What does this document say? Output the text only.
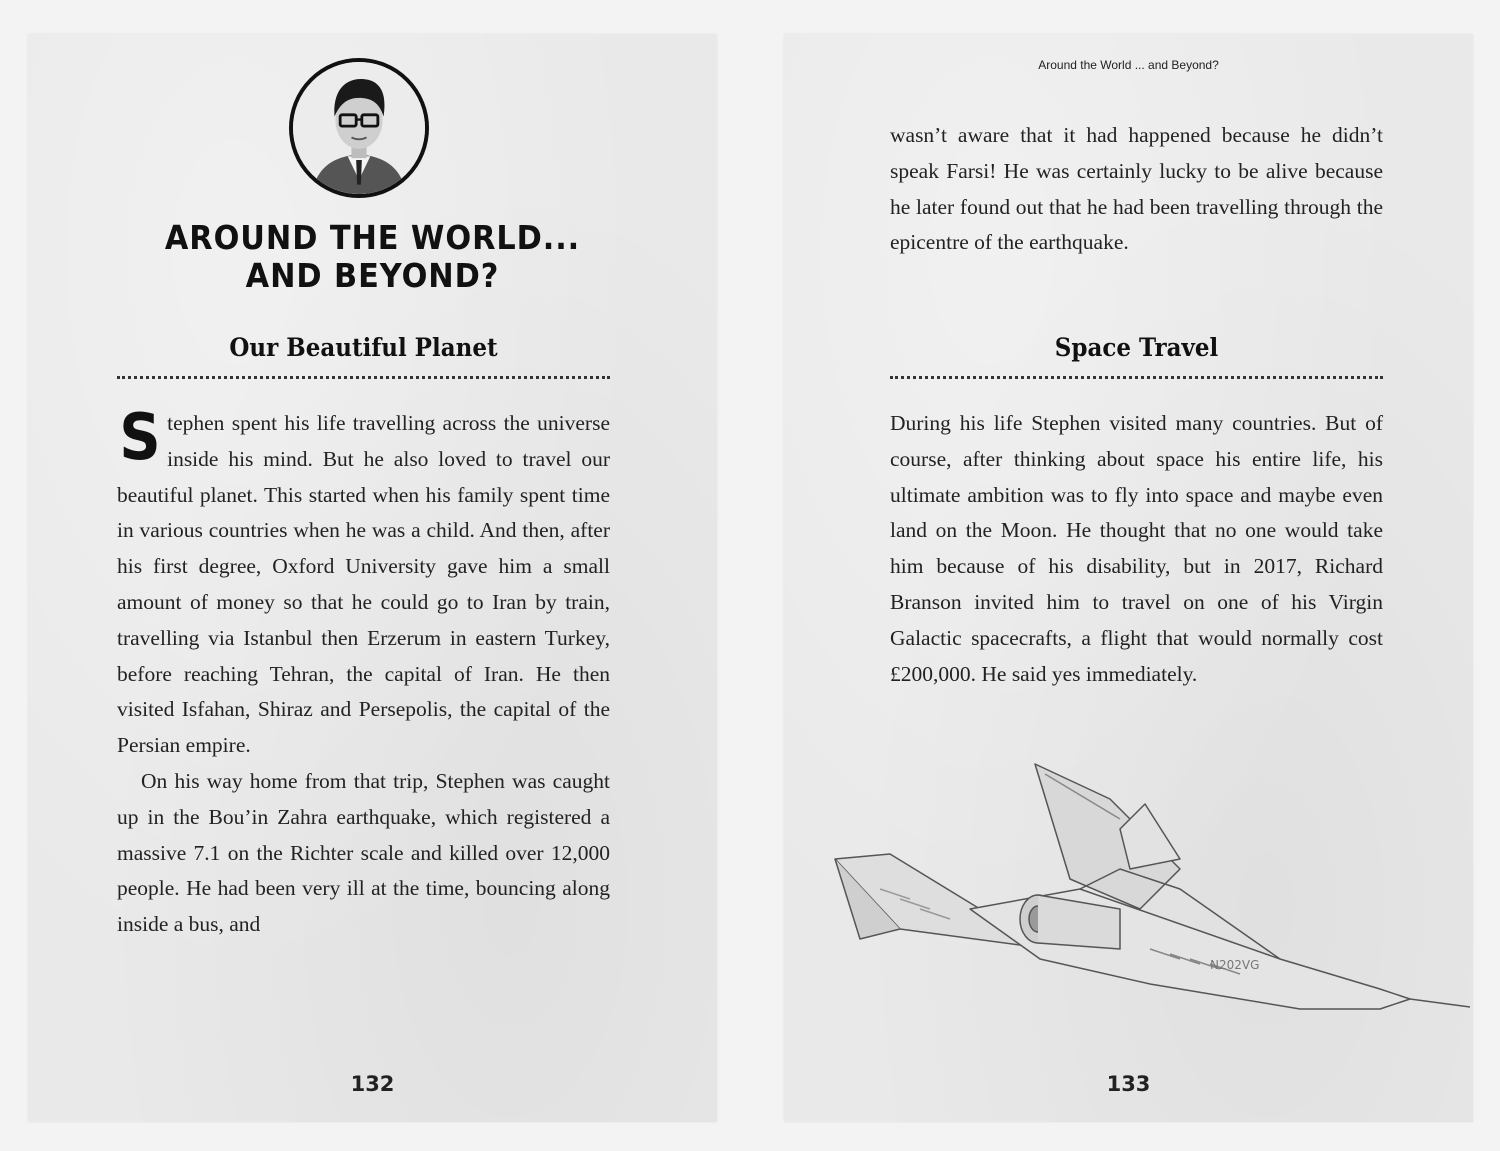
AROUND THE WORLD...
AND BEYOND?
Our Beautiful Planet

Stephen spent his life travelling across the universe inside his mind. But he also loved to travel our beautiful planet. This started when his family spent time in various countries when he was a child. And then, after his first degree, Oxford University gave him a small amount of money so that he could go to Iran by train, travelling via Istanbul then Erzerum in eastern Turkey, before reaching Tehran, the capital of Iran. He then visited Isfahan, Shiraz and Persepolis, the capital of the Persian empire.

On his way home from that trip, Stephen was caught up in the Bou’in Zahra earthquake, which registered a massive 7.1 on the Richter scale and killed over 12,000 people. He had been very ill at the time, bouncing along inside a bus, and

132
Around the World ... and Beyond?

wasn’t aware that it had happened because he didn’t speak Farsi! He was certainly lucky to be alive because he later found out that he had been travelling through the epicentre of the earthquake.

Space Travel

During his life Stephen visited many countries. But of course, after thinking about space his entire life, his ultimate ambition was to fly into space and maybe even land on the Moon. He thought that no one would take him because of his disability, but in 2017, Richard Branson invited him to travel on one of his Virgin Galactic spacecrafts, a flight that would normally cost £200,000. He said yes immediately.

N202VG
133
